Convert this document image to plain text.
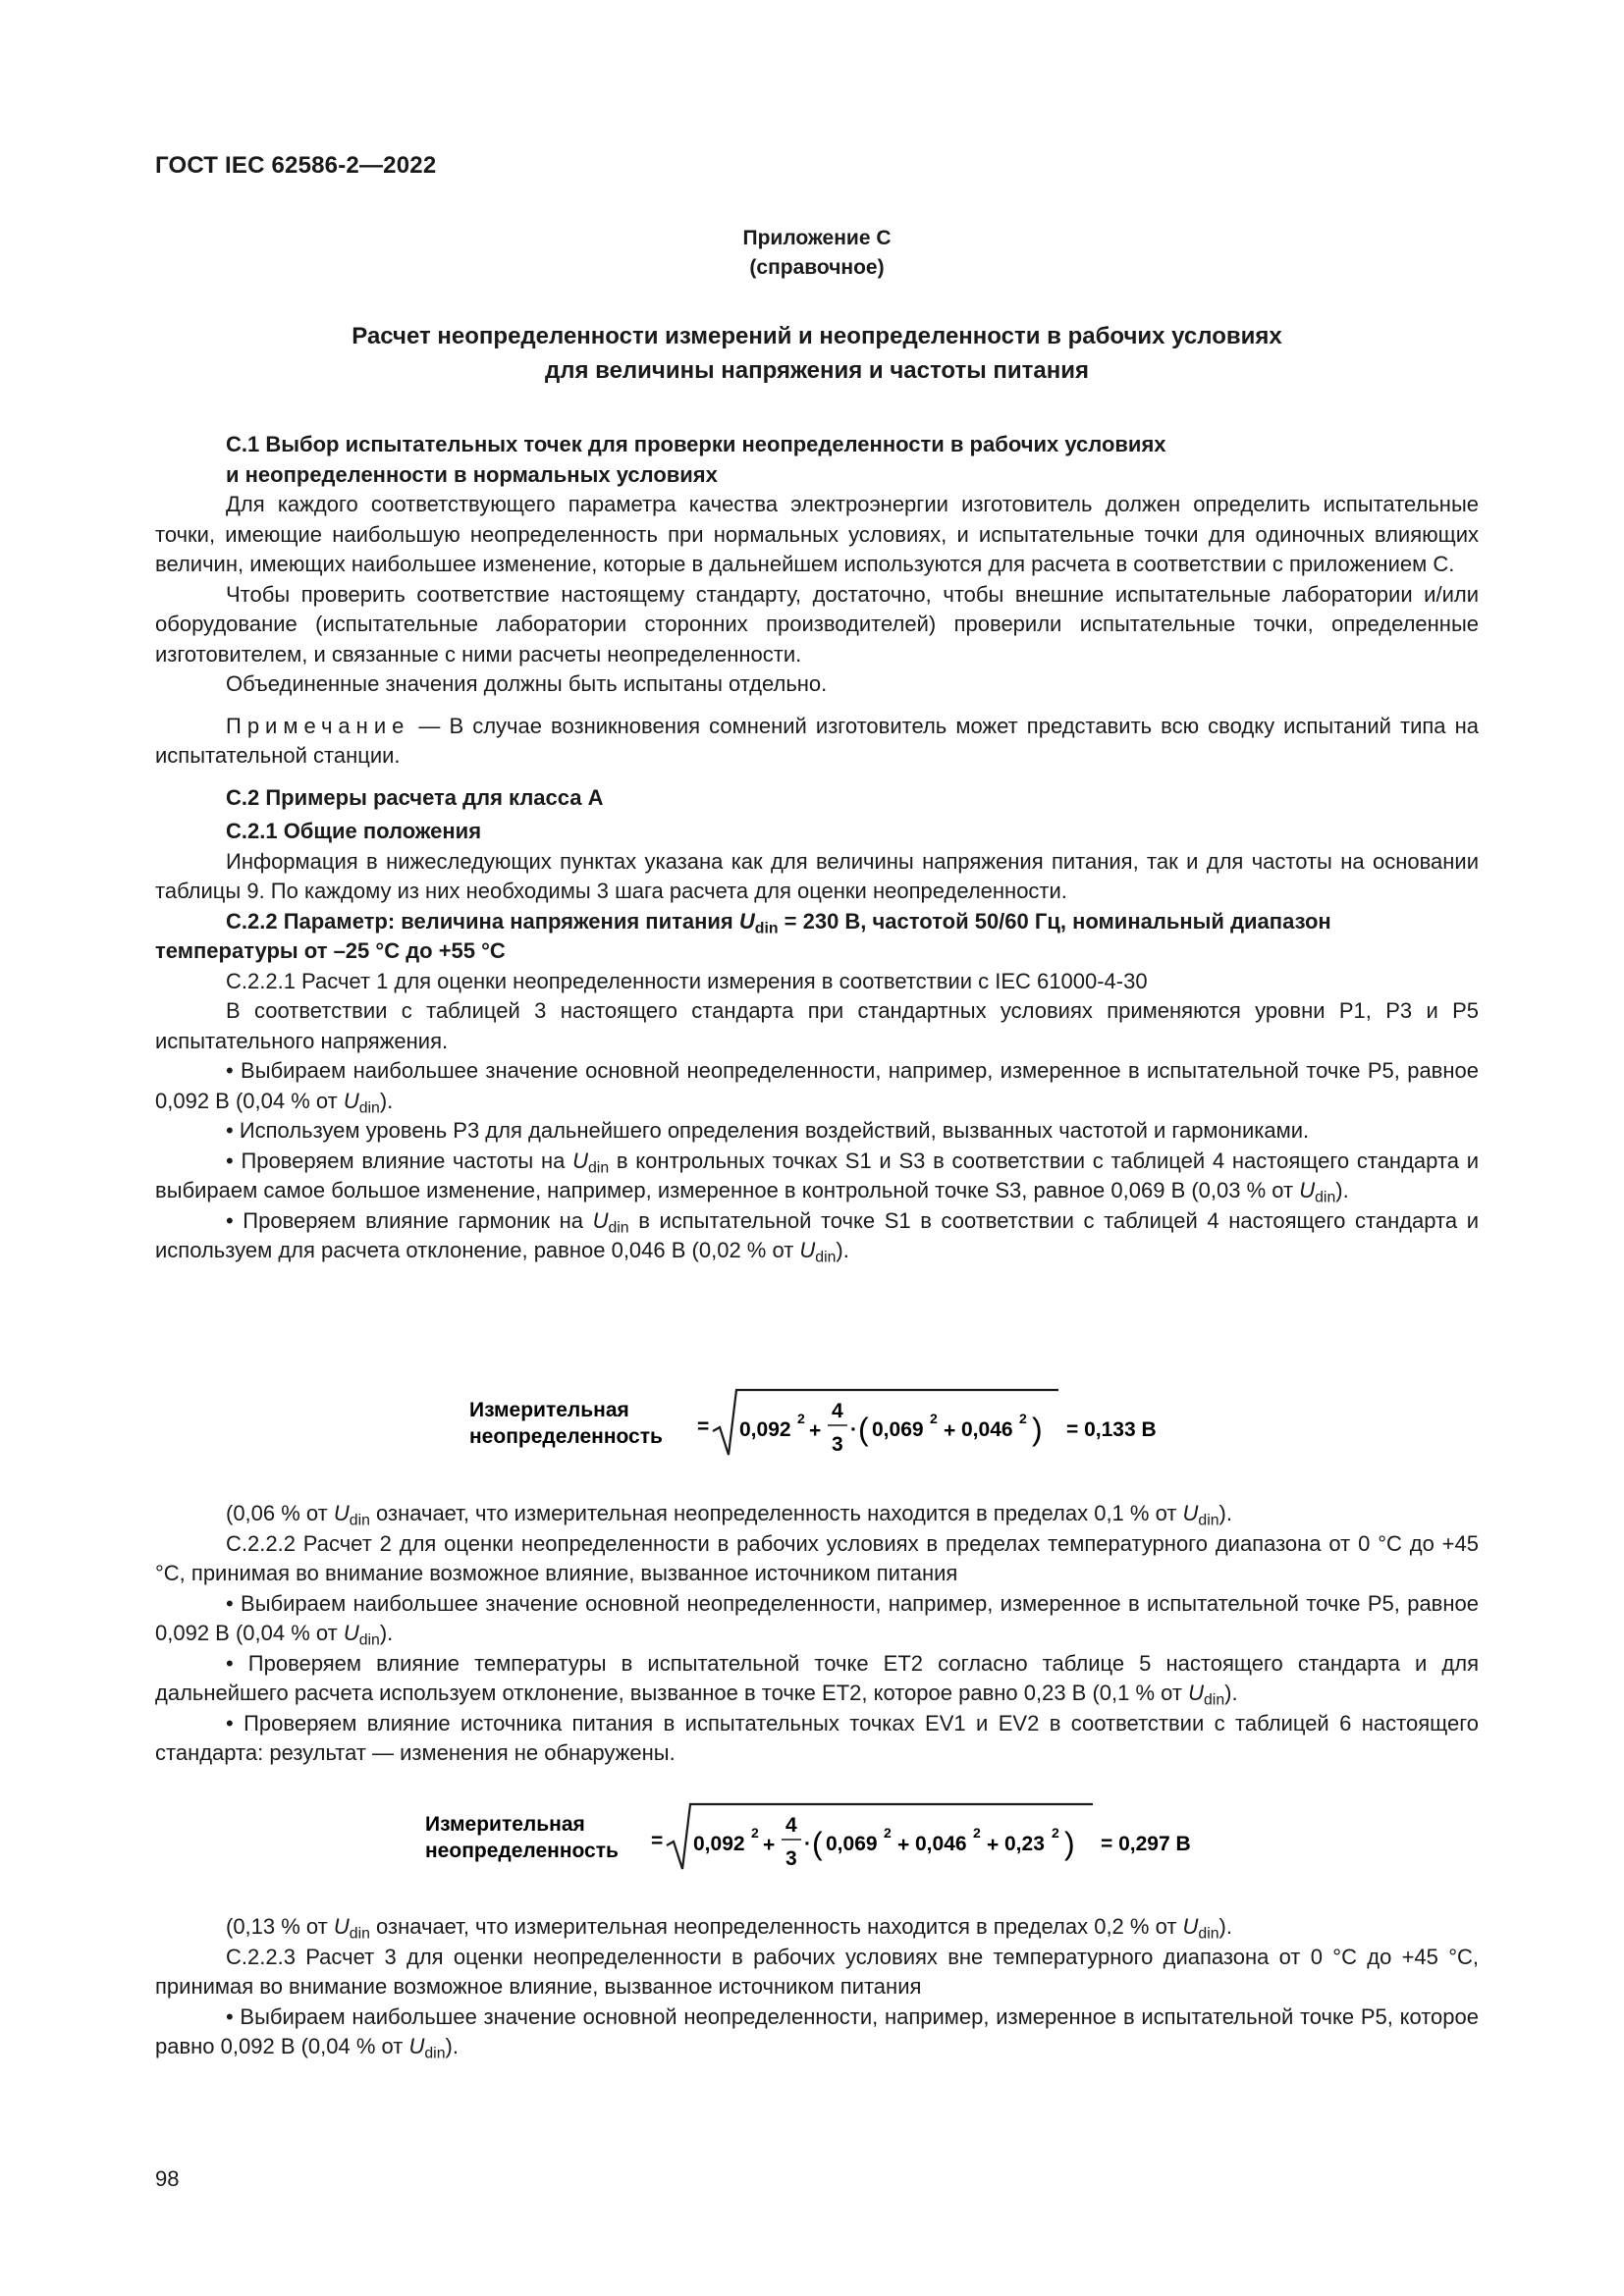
ГОСТ IEC 62586-2—2022
Приложение С
(справочное)
Расчет неопределенности измерений и неопределенности в рабочих условиях
для величины напряжения и частоты питания
С.1 Выбор испытательных точек для проверки неопределенности в рабочих условиях
и неопределенности в нормальных условиях

Для каждого соответствующего параметра качества электроэнергии изготовитель должен определить испытательные точки, имеющие наибольшую неопределенность при нормальных условиях, и испытательные точки для одиночных влияющих величин, имеющих наибольшее изменение, которые в дальнейшем используются для расчета в соответствии с приложением С.

Чтобы проверить соответствие настоящему стандарту, достаточно, чтобы внешние испытательные лаборатории и/или оборудование (испытательные лаборатории сторонних производителей) проверили испытательные точки, определенные изготовителем, и связанные с ними расчеты неопределенности.

Объединенные значения должны быть испытаны отдельно.

Примечание — В случае возникновения сомнений изготовитель может представить всю сводку испытаний типа на испытательной станции.

С.2 Примеры расчета для класса А

С.2.1 Общие положения

Информация в нижеследующих пунктах указана как для величины напряжения питания, так и для частоты на основании таблицы 9. По каждому из них необходимы 3 шага расчета для оценки неопределенности.

С.2.2 Параметр: величина напряжения питания $U_{din} = 230$ В, частотой 50/60 Гц, номинальный диапазон температуры от –25 °С до +55 °С

С.2.2.1 Расчет 1 для оценки неопределенности измерения в соответствии с IEC 61000-4-30

В соответствии с таблицей 3 настоящего стандарта при стандартных условиях применяются уровни Р1, Р3 и Р5 испытательного напряжения.

• Выбираем наибольшее значение основной неопределенности, например, измеренное в испытательной точке Р5, равное 0,092 В (0,04 % от $U_{din}$).

• Используем уровень Р3 для дальнейшего определения воздействий, вызванных частотой и гармониками.

• Проверяем влияние частоты на $U_{din}$ в контрольных точках S1 и S3 в соответствии с таблицей 4 настоящего стандарта и выбираем самое большое изменение, например, измеренное в контрольной точке S3, равное 0,069 В (0,03 % от $U_{din}$).

• Проверяем влияние гармоник на $U_{din}$ в испытательной точке S1 в соответствии с таблицей 4 настоящего стандарта и используем для расчета отклонение, равное 0,046 В (0,02 % от $U_{din}$).

Измерительная
неопределенность = 0,092 2
+
4
3
· ( 0,069 2
+ 0,046 2 ) = 0,133 В

(0,06 % от $U_{din}$ означает, что измерительная неопределенность находится в пределах 0,1 % от $U_{din}$).

С.2.2.2 Расчет 2 для оценки неопределенности в рабочих условиях в пределах температурного диапазона от 0 °С до +45 °С, принимая во внимание возможное влияние, вызванное источником питания

• Выбираем наибольшее значение основной неопределенности, например, измеренное в испытательной точке Р5, равное 0,092 В (0,04 % от $U_{din}$).

• Проверяем влияние температуры в испытательной точке ET2 согласно таблице 5 настоящего стандарта и для дальнейшего расчета используем отклонение, вызванное в точке ET2, которое равно 0,23 В (0,1 % от $U_{din}$).

• Проверяем влияние источника питания в испытательных точках EV1 и EV2 в соответствии с таблицей 6 настоящего стандарта: результат — изменения не обнаружены.

Измерительная
неопределенность = 0,092 2
+
4
3
· ( 0,069 2
+ 0,046 2
+ 0,23 2 ) = 0,297 В

(0,13 % от $U_{din}$ означает, что измерительная неопределенность находится в пределах 0,2 % от $U_{din}$).

С.2.2.3 Расчет 3 для оценки неопределенности в рабочих условиях вне температурного диапазона от 0 °С до +45 °С, принимая во внимание возможное влияние, вызванное источником питания

• Выбираем наибольшее значение основной неопределенности, например, измеренное в испытательной точке Р5, которое равно 0,092 В (0,04 % от $U_{din}$).

98
